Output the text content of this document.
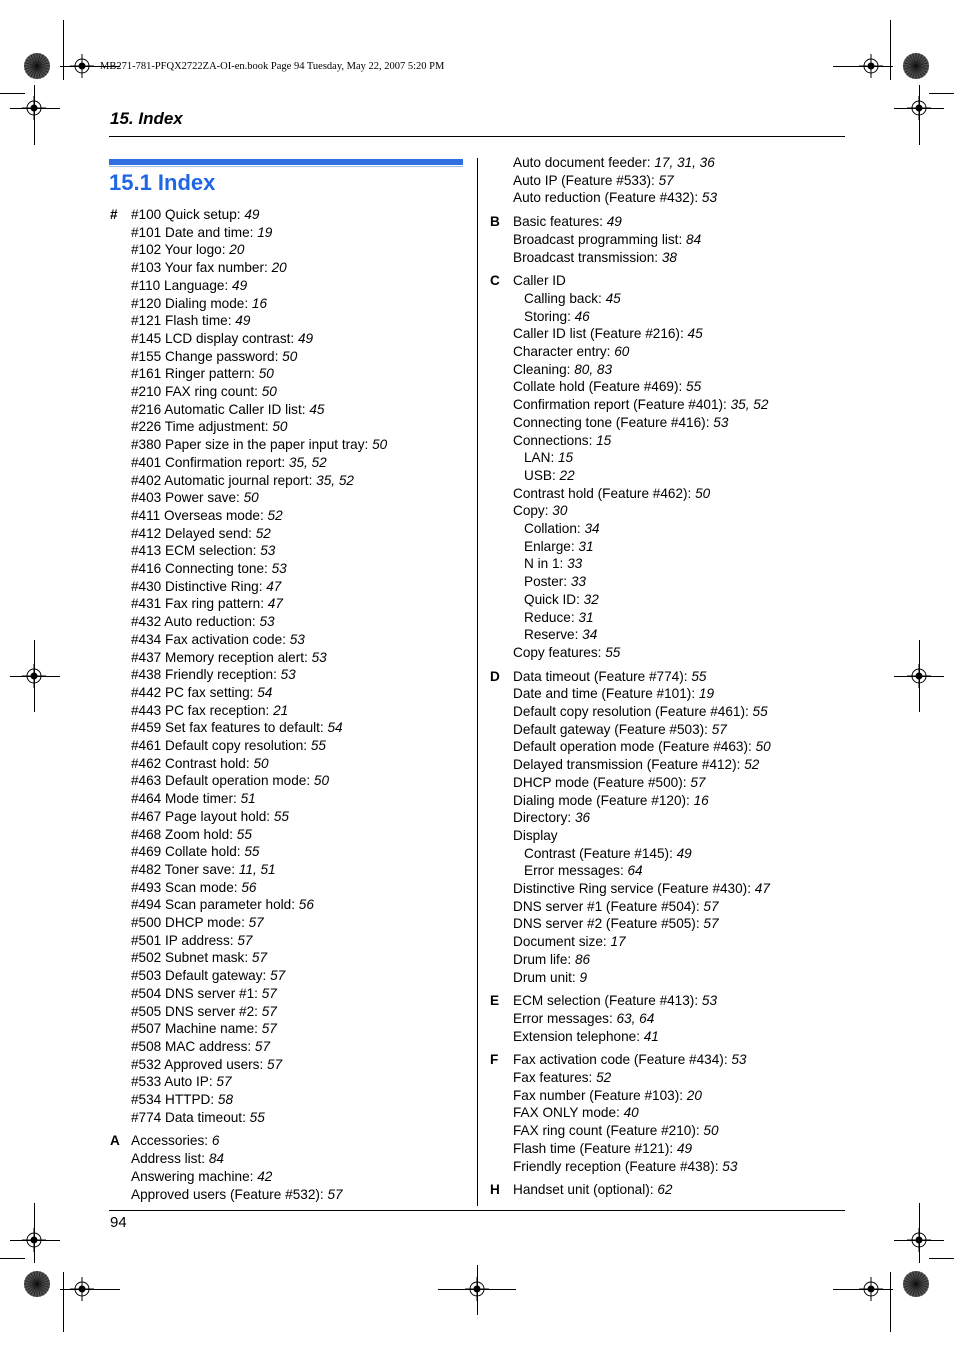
MB271-781-PFQX2722ZA-OI-en.book Page 94 Tuesday, May 22, 2007 5:20 PM
15. Index
15.1 Index
# #100 Quick setup: 49
#101 Date and time: 19
#102 Your logo: 20
#103 Your fax number: 20
#110 Language: 49
#120 Dialing mode: 16
#121 Flash time: 49
#145 LCD display contrast: 49
#155 Change password: 50
#161 Ringer pattern: 50
#210 FAX ring count: 50
#216 Automatic Caller ID list: 45
#226 Time adjustment: 50
#380 Paper size in the paper input tray: 50
#401 Confirmation report: 35, 52
#402 Automatic journal report: 35, 52
#403 Power save: 50
#411 Overseas mode: 52
#412 Delayed send: 52
#413 ECM selection: 53
#416 Connecting tone: 53
#430 Distinctive Ring: 47
#431 Fax ring pattern: 47
#432 Auto reduction: 53
#434 Fax activation code: 53
#437 Memory reception alert: 53
#438 Friendly reception: 53
#442 PC fax setting: 54
#443 PC fax reception: 21
#459 Set fax features to default: 54
#461 Default copy resolution: 55
#462 Contrast hold: 50
#463 Default operation mode: 50
#464 Mode timer: 51
#467 Page layout hold: 55
#468 Zoom hold: 55
#469 Collate hold: 55
#482 Toner save: 11, 51
#493 Scan mode: 56
#494 Scan parameter hold: 56
#500 DHCP mode: 57
#501 IP address: 57
#502 Subnet mask: 57
#503 Default gateway: 57
#504 DNS server #1: 57
#505 DNS server #2: 57
#507 Machine name: 57
#508 MAC address: 57
#532 Approved users: 57
#533 Auto IP: 57
#534 HTTPD: 58
#774 Data timeout: 55
A Accessories: 6
Address list: 84
Answering machine: 42
Approved users (Feature #532): 57
Auto document feeder: 17, 31, 36
Auto IP (Feature #533): 57
Auto reduction (Feature #432): 53
B Basic features: 49
Broadcast programming list: 84
Broadcast transmission: 38
C Caller ID
Calling back: 45
Storing: 46
Caller ID list (Feature #216): 45
Character entry: 60
Cleaning: 80, 83
Collate hold (Feature #469): 55
Confirmation report (Feature #401): 35, 52
Connecting tone (Feature #416): 53
Connections: 15
LAN: 15
USB: 22
Contrast hold (Feature #462): 50
Copy: 30
Collation: 34
Enlarge: 31
N in 1: 33
Poster: 33
Quick ID: 32
Reduce: 31
Reserve: 34
Copy features: 55
D Data timeout (Feature #774): 55
Date and time (Feature #101): 19
Default copy resolution (Feature #461): 55
Default gateway (Feature #503): 57
Default operation mode (Feature #463): 50
Delayed transmission (Feature #412): 52
DHCP mode (Feature #500): 57
Dialing mode (Feature #120): 16
Directory: 36
Display
Contrast (Feature #145): 49
Error messages: 64
Distinctive Ring service (Feature #430): 47
DNS server #1 (Feature #504): 57
DNS server #2 (Feature #505): 57
Document size: 17
Drum life: 86
Drum unit: 9
E ECM selection (Feature #413): 53
Error messages: 63, 64
Extension telephone: 41
F Fax activation code (Feature #434): 53
Fax features: 52
Fax number (Feature #103): 20
FAX ONLY mode: 40
FAX ring count (Feature #210): 50
Flash time (Feature #121): 49
Friendly reception (Feature #438): 53
H Handset unit (optional): 62
94
